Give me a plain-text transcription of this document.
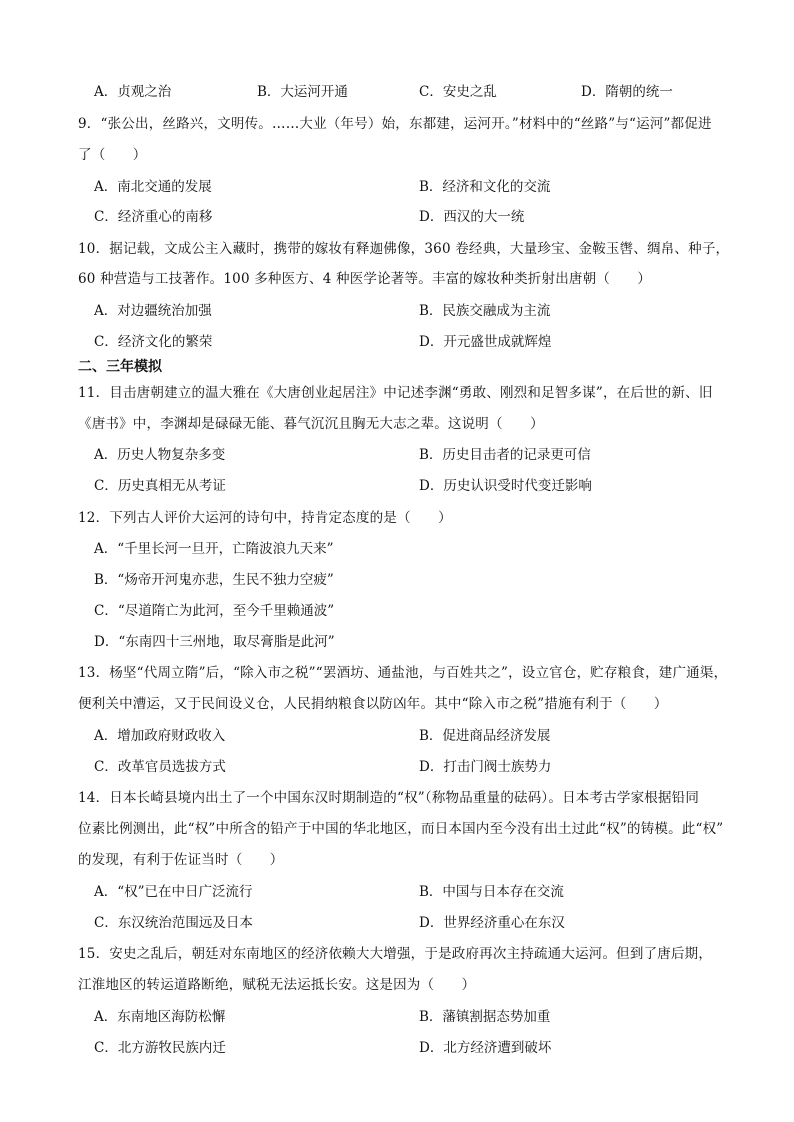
A．贞观之治	B．大运河开通	C．安史之乱	D．隋朝的统一
9．“张公出，丝路兴，文明传。……大业（年号）始，东都建，运河开。”材料中的“丝路”与“运河”都促进
了（　　）
A．南北交通的发展	B．经济和文化的交流
C．经济重心的南移	D．西汉的大一统
10．据记载，文成公主入藏时，携带的嫁妆有释迦佛像，360 卷经典，大量珍宝、金鞍玉辔、绸帛、种子，
60 种营造与工技著作。100 多种医方、4 种医学论著等。丰富的嫁妆种类折射出唐朝（　　）
A．对边疆统治加强	B．民族交融成为主流
C．经济文化的繁荣	D．开元盛世成就辉煌
二、三年模拟
11．目击唐朝建立的温大雅在《大唐创业起居注》中记述李渊“勇敢、刚烈和足智多谋”，在后世的新、旧
《唐书》中，李渊却是碌碌无能、暮气沉沉且胸无大志之辈。这说明（　　）
A．历史人物复杂多变	B．历史目击者的记录更可信
C．历史真相无从考证	D．历史认识受时代变迁影响
12．下列古人评价大运河的诗句中，持肯定态度的是（　　）
A．“千里长河一旦开，亡隋波浪九天来”
B．“炀帝开河鬼亦悲，生民不独力空疲”
C．“尽道隋亡为此河，至今千里赖通波”
D．“东南四十三州地，取尽膏脂是此河”
13．杨坚“代周立隋”后，“除入市之税”“罢酒坊、通盐池，与百姓共之”，设立官仓，贮存粮食，建广通渠，
便利关中漕运，又于民间设义仓，人民捐纳粮食以防凶年。其中“除入市之税”措施有利于（　　）
A．增加政府财政收入	B．促进商品经济发展
C．改革官员选拔方式	D．打击门阀士族势力
14．日本长崎县境内出土了一个中国东汉时期制造的“权”（称物品重量的砝码）。日本考古学家根据铅同
位素比例测出，此“权”中所含的铅产于中国的华北地区，而日本国内至今没有出土过此“权”的铸模。此“权”
的发现，有利于佐证当时（　　）
A．“权”已在中日广泛流行	B．中国与日本存在交流
C．东汉统治范围远及日本	D．世界经济重心在东汉
15．安史之乱后，朝廷对东南地区的经济依赖大大增强，于是政府再次主持疏通大运河。但到了唐后期，
江淮地区的转运道路断绝，赋税无法运抵长安。这是因为（　　）
A．东南地区海防松懈	B．藩镇割据态势加重
C．北方游牧民族内迁	D．北方经济遭到破坏
